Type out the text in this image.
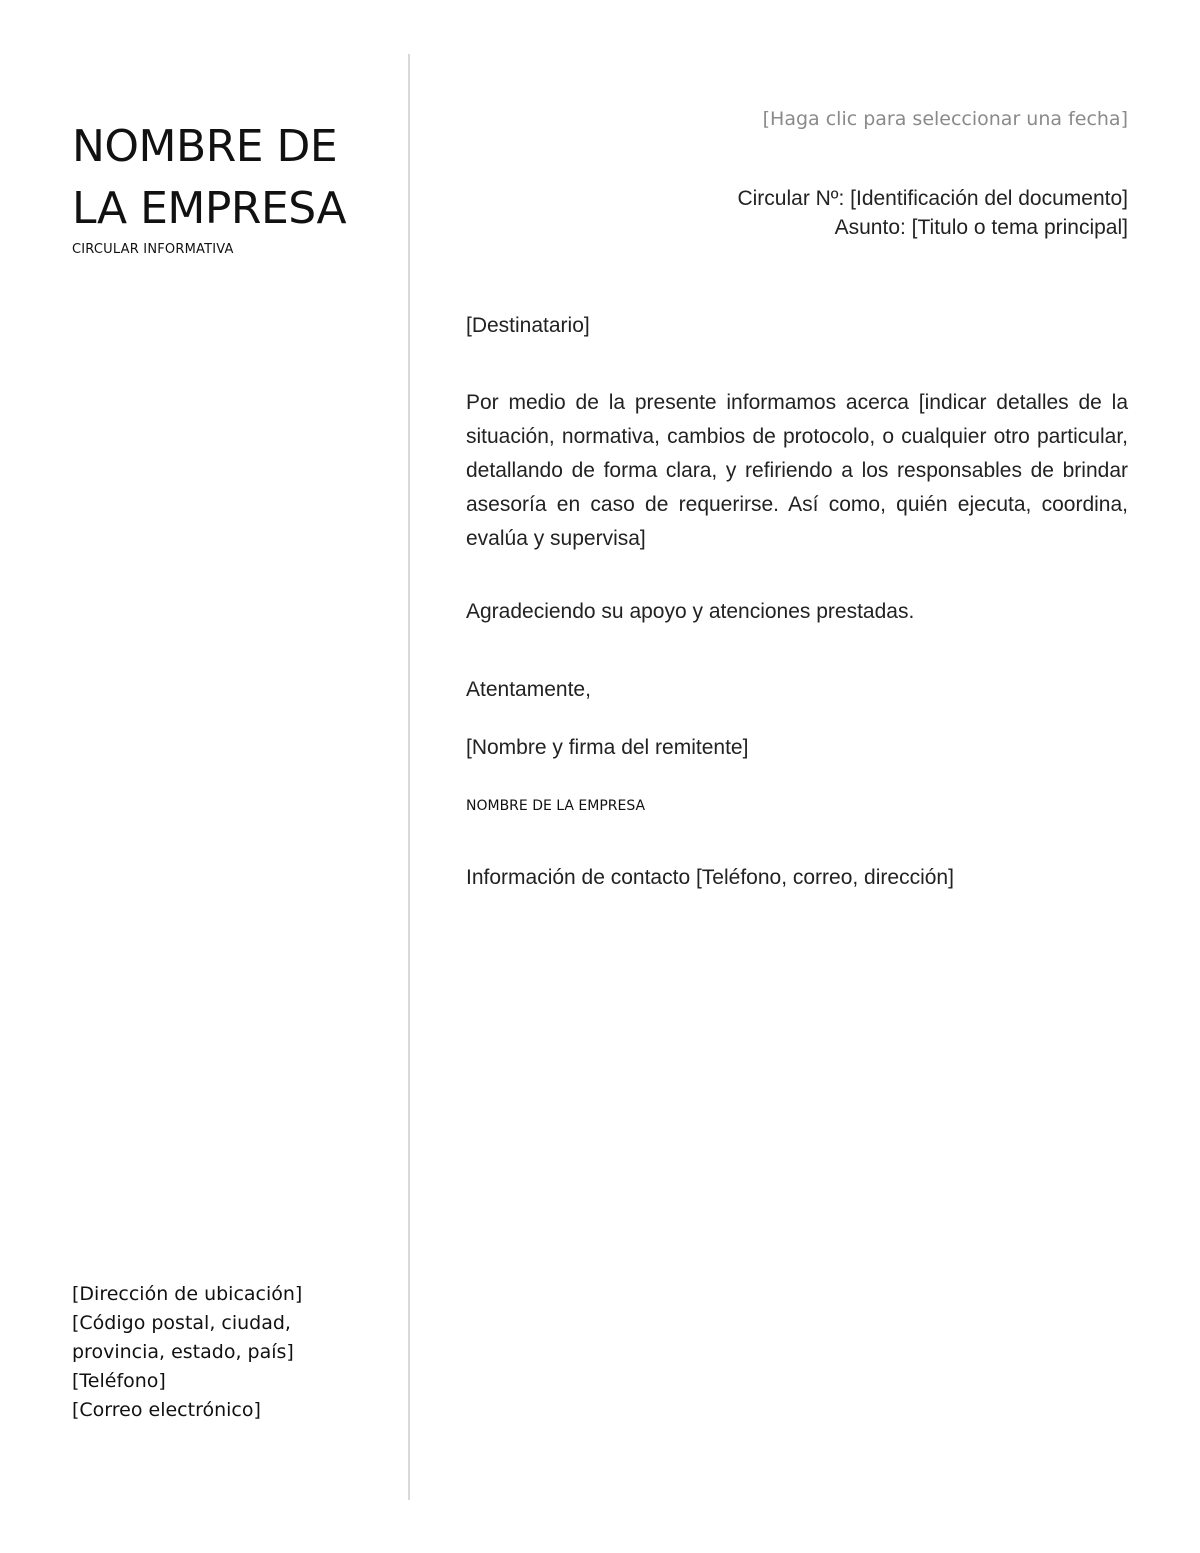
NOMBRE DE
LA EMPRESA
CIRCULAR INFORMATIVA
[Dirección de ubicación]
[Código postal, ciudad,
provincia, estado, país]
[Teléfono]
[Correo electrónico]
[Haga clic para seleccionar una fecha]
Circular Nº: [Identificación del documento]
Asunto: [Titulo o tema principal]
[Destinatario]
Por medio de la presente informamos acerca [indicar detalles de la situación, normativa, cambios de protocolo, o cualquier otro particular, detallando de forma clara, y refiriendo a los responsables de brindar asesoría en caso de requerirse. Así como, quién ejecuta, coordina, evalúa y supervisa]
Agradeciendo su apoyo y atenciones prestadas.
Atentamente,
[Nombre y firma del remitente]
NOMBRE DE LA EMPRESA
Información de contacto [Teléfono, correo, dirección]
